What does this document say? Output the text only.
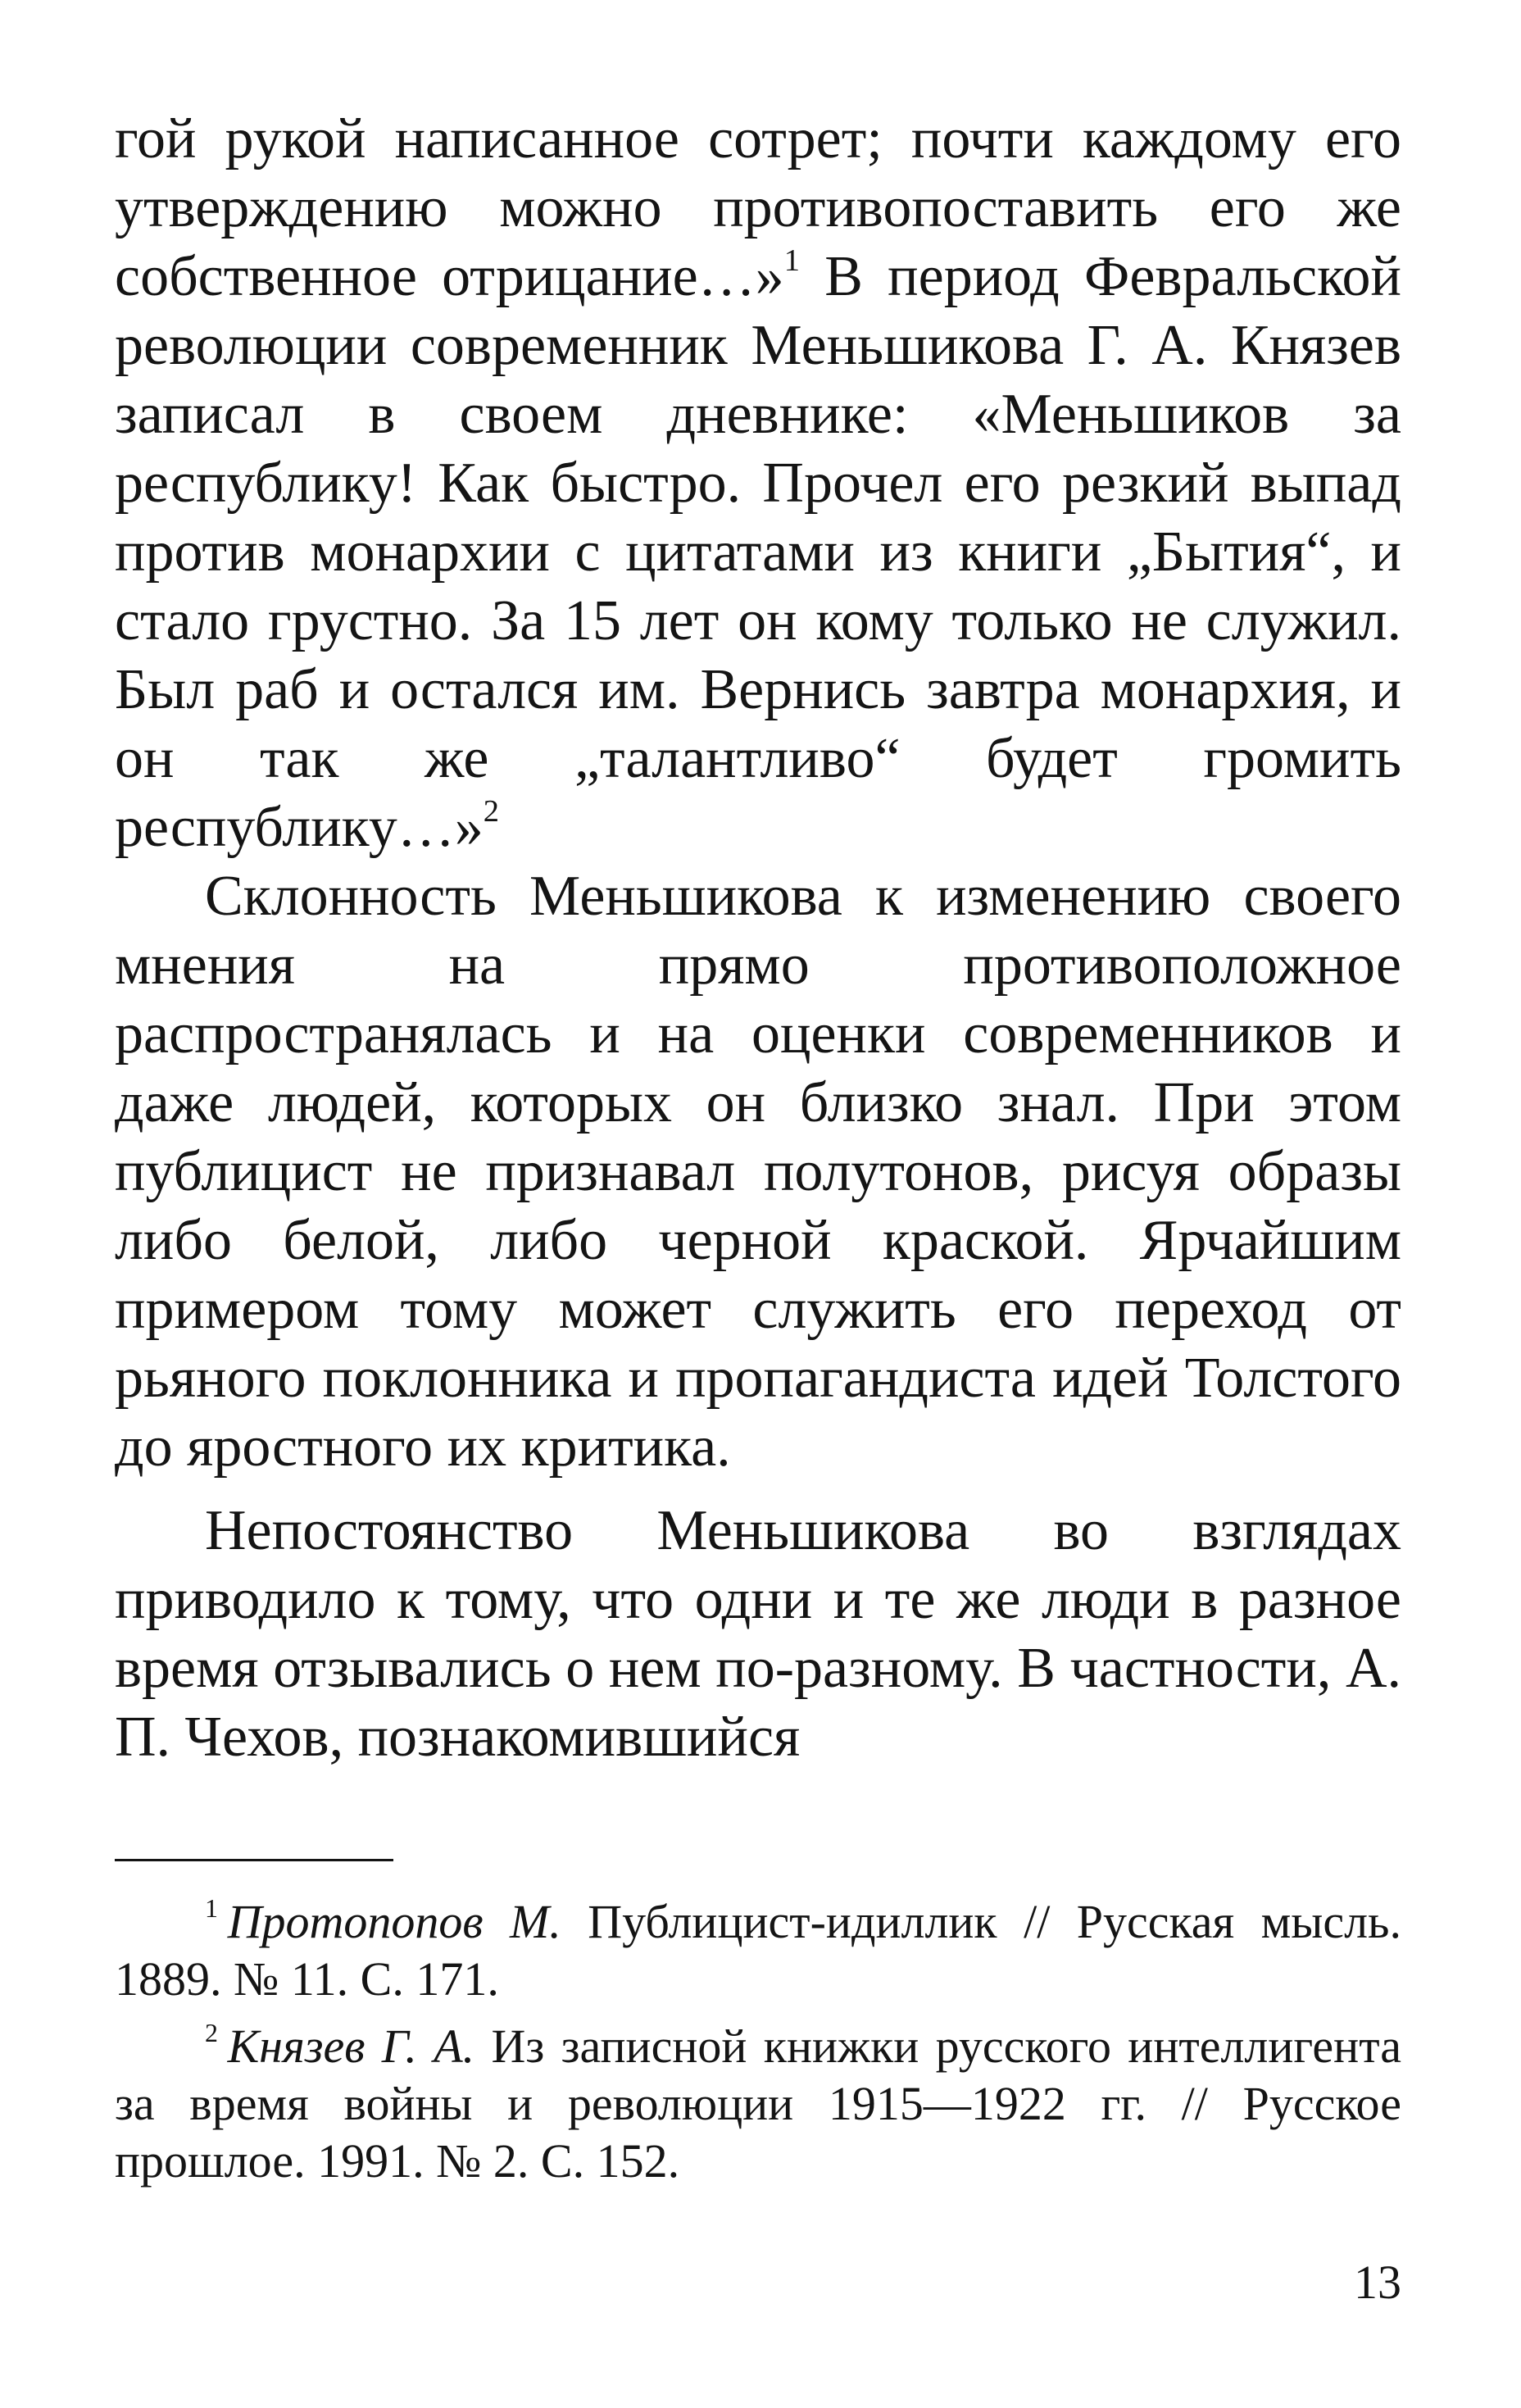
гой рукой написанное сотрет; почти каждому его утверждению можно противопоставить его же собственное отрицание…»$^1$ В период Февральской революции современник Меньшикова Г. А. Князев записал в своем дневнике: «Меньшиков за республику! Как быстро. Прочел его резкий выпад против монархии с цитатами из книги „Бытия“, и стало грустно. За 15 лет он кому только не служил. Был раб и остался им. Вернись завтра монархия, и он так же „талантливо“ будет громить республику…»$^2$

Склонность Меньшикова к изменению своего мнения на прямо противоположное распространялась и на оценки современников и даже людей, которых он близко знал. При этом публицист не признавал полутонов, рисуя образы либо белой, либо черной краской. Ярчайшим примером тому может служить его переход от рьяного поклонника и пропагандиста идей Толстого до яростного их критика.

Непостоянство Меньшикова во взглядах приводило к тому, что одни и те же люди в разное время отзывались о нем по-разному. В частности, А. П. Чехов, познакомившийся

$^1$  Протопопов М. Публицист-идиллик // Русская мысль. 1889. № 11. С. 171.

$^2$  Князев Г. А. Из записной книжки русского интеллигента за время войны и революции 1915—1922 гг. // Русское прошлое. 1991. № 2. С. 152.

13
